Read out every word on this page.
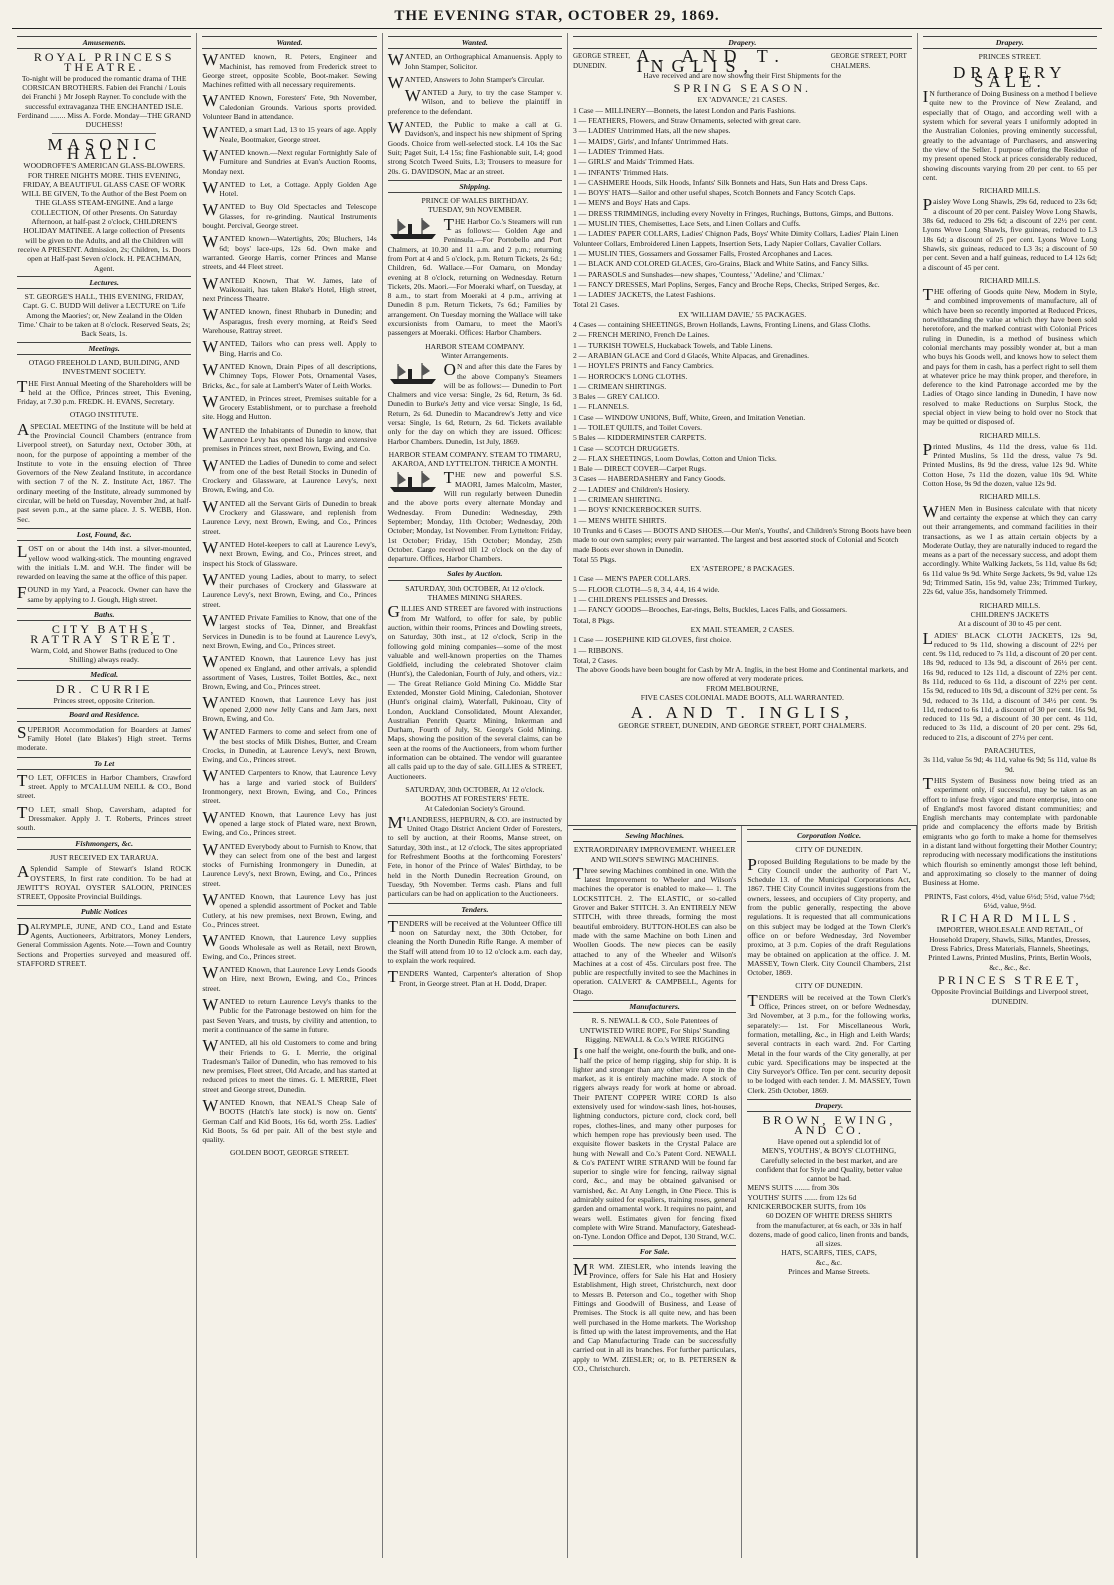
THE EVENING STAR, OCTOBER 29, 1869.
Amusements.
ROYAL PRINCESS THEATRE.
To-night will be produced the romantic drama of THE CORSICAN BROTHERS. Fabien dei Franchi / Louis dei Franchi } Mr Joseph Rayner. To conclude with the successful extravaganza THE ENCHANTED ISLE. Ferdinand ........ Miss A. Forde. Monday—THE GRAND DUCHESS!
MASONIC HALL.
WOODROFFE'S AMERICAN GLASS-BLOWERS. FOR THREE NIGHTS MORE. THIS EVENING, FRIDAY, A BEAUTIFUL GLASS CASE OF WORK WILL BE GIVEN, To the Author of the Best Poem on THE GLASS STEAM-ENGINE. And a large COLLECTION, Of other Presents. On Saturday Afternoon, at half-past 2 o'clock, CHILDREN'S HOLIDAY MATINEE. A large collection of Presents will be given to the Adults, and all the Children will receive A PRESENT. Admission, 2s; Children, 1s. Doors open at Half-past Seven o'clock. H. PEACHMAN, Agent.
Lectures.
ST. GEORGE'S HALL, THIS EVENING, FRIDAY, Capt. G. C. BUDD Will deliver a LECTURE on 'Life Among the Maories'; or, New Zealand in the Olden Time.' Chair to be taken at 8 o'clock. Reserved Seats, 2s; Back Seats, 1s.
Meetings.
OTAGO FREEHOLD LAND, BUILDING, AND INVESTMENT SOCIETY.
THE First Annual Meeting of the Shareholders will be held at the Office, Princes street, This Evening, Friday, at 7.30 p.m. FREDK. H. EVANS, Secretary.
OTAGO INSTITUTE.
ASPECIAL MEETING of the Institute will be held at the Provincial Council Chambers (entrance from Liverpool street), on Saturday next, October 30th, at noon, for the purpose of appointing a member of the Institute to vote in the ensuing election of Three Governors of the New Zealand Institute, in accordance with section 7 of the N. Z. Institute Act, 1867. The ordinary meeting of the Institute, already summoned by circular, will be held on Tuesday, November 2nd, at half-past seven p.m., at the same place. J. S. WEBB, Hon. Sec.
Lost, Found, &c.
LOST on or about the 14th inst. a silver-mounted, yellow wood walking-stick. The mounting engraved with the initials L.M. and W.H. The finder will be rewarded on leaving the same at the office of this paper.
FOUND in my Yard, a Peacock. Owner can have the same by applying to J. Gough, High street.
Baths.
CITY BATHS, RATTRAY STREET.
Warm, Cold, and Shower Baths (reduced to One Shilling) always ready.
Medical.
DR. CURRIE
Princes street, opposite Criterion.
Board and Residence.
SUPERIOR Accommodation for Boarders at James' Family Hotel (late Blakes') High street. Terms moderate.
To Let
TO LET, OFFICES in Harbor Chambers, Crawford street. Apply to M'CALLUM NEILL & CO., Bond street.
TO LET, small Shop, Caversham, adapted for Dressmaker. Apply J. T. Roberts, Princes street south.
Fishmongers, &c.
JUST RECEIVED EX TARARUA.
ASplendid Sample of Stewart's Island ROCK OYSTERS, In first rate condition. To be had at JEWITT'S ROYAL OYSTER SALOON, PRINCES STREET, Opposite Provincial Buildings.
Public Notices
DALRYMPLE, JUNE, AND CO., Land and Estate Agents, Auctioneers, Arbitrators, Money Lenders, General Commission Agents. Note.—Town and Country Sections and Properties surveyed and measured off. STAFFORD STREET.
Wanted.
WANTED known, R. Peters, Engineer and Machinist, has removed from Frederick street to George street, opposite Scoble, Boot-maker. Sewing Machines refitted with all necessary requirements.
WANTED Known, Foresters' Fete, 9th November, Caledonian Grounds. Various sports provided. Volunteer Band in attendance.
WANTED, a smart Lad, 13 to 15 years of age. Apply Neale, Bootmaker, George street.
WANTED known.—Next regular Fortnightly Sale of Furniture and Sundries at Evan's Auction Rooms, Monday next.
WANTED to Let, a Cottage. Apply Golden Age Hotel.
WANTED to Buy Old Spectacles and Telescope Glasses, for re-grinding. Nautical Instruments bought. Percival, George street.
WANTED known—Watertights, 20s; Bluchers, 14s 6d; boys' lace-ups, 12s 6d. Own make and warranted. George Harris, corner Princes and Manse streets, and 44 Fleet street.
WANTED Known, That W. James, late of Waikouaiti, has taken Blake's Hotel, High street, next Princess Theatre.
WANTED known, finest Rhubarb in Dunedin; and Asparagus, fresh every morning, at Reid's Seed Warehouse, Rattray street.
WANTED, Tailors who can press well. Apply to Bing, Harris and Co.
WANTED Known, Drain Pipes of all descriptions, Chimney Tops, Flower Pots, Ornamental Vases, Bricks, &c., for sale at Lambert's Water of Leith Works.
WANTED, in Princes street, Premises suitable for a Grocery Establishment, or to purchase a freehold site. Hogg and Hutton.
WANTED the Inhabitants of Dunedin to know, that Laurence Levy has opened his large and extensive premises in Princes street, next Brown, Ewing, and Co.
WANTED the Ladies of Dunedin to come and select from one of the best Retail Stocks in Dunedin of Crockery and Glassware, at Laurence Levy's, next Brown, Ewing, and Co.
WANTED all the Servant Girls of Dunedin to break Crockery and Glassware, and replenish from Laurence Levy, next Brown, Ewing, and Co., Princes street.
WANTED Hotel-keepers to call at Laurence Levy's, next Brown, Ewing, and Co., Princes street, and inspect his Stock of Glassware.
WANTED young Ladies, about to marry, to select their purchases of Crockery and Glassware at Laurence Levy's, next Brown, Ewing, and Co., Princes street.
WANTED Private Families to Know, that one of the largest stocks of Tea, Dinner, and Breakfast Services in Dunedin is to be found at Laurence Levy's, next Brown, Ewing, and Co., Princes street.
WANTED Known, that Laurence Levy has just opened ex England, and other arrivals, a splendid assortment of Vases, Lustres, Toilet Bottles, &c., next Brown, Ewing, and Co., Princes street.
WANTED Known, that Laurence Levy has just opened 2,000 new Jelly Cans and Jam Jars, next Brown, Ewing, and Co.
WANTED Farmers to come and select from one of the best stocks of Milk Dishes, Butter, and Cream Crocks, in Dunedin, at Laurence Levy's, next Brown, Ewing, and Co., Princes street.
WANTED Carpenters to Know, that Laurence Levy has a large and varied stock of Builders' Ironmongery, next Brown, Ewing, and Co., Princes street.
WANTED Known, that Laurence Levy has just opened a large stock of Plated ware, next Brown, Ewing, and Co., Princes street.
WANTED Everybody about to Furnish to Know, that they can select from one of the best and largest stocks of Furnishing Ironmongery in Dunedin, at Laurence Levy's, next Brown, Ewing, and Co., Princes street.
WANTED Known, that Laurence Levy has just opened a splendid assortment of Pocket and Table Cutlery, at his new premises, next Brown, Ewing, and Co., Princes street.
WANTED Known, that Laurence Levy supplies Goods Wholesale as well as Retail, next Brown, Ewing, and Co., Princes street.
WANTED Known, that Laurence Levy Lends Goods on Hire, next Brown, Ewing, and Co., Princes street.
WANTED to return Laurence Levy's thanks to the Public for the Patronage bestowed on him for the past Seven Years, and trusts, by civility and attention, to merit a continuance of the same in future.
WANTED, all his old Customers to come and bring their Friends to G. I. Merrie, the original Tradesman's Tailor of Dunedin, who has removed to his new premises, Fleet street, Old Arcade, and has started at reduced prices to meet the times. G. I. MERRIE, Fleet street and George street, Dunedin.
WANTED Known, that NEAL'S Cheap Sale of BOOTS (Hatch's late stock) is now on. Gents' German Calf and Kid Boots, 16s 6d, worth 25s. Ladies' Kid Boots, 5s 6d per pair. All of the best style and quality.
GOLDEN BOOT, GEORGE STREET.
Wanted.
WANTED, an Orthographical Amanuensis. Apply to John Stamper, Solicitor.
WANTED, Answers to John Stamper's Circular.
WANTED a Jury, to try the case Stamper v. Wilson, and to believe the plaintiff in preference to the defendant.
WANTED, the Public to make a call at G. Davidson's, and inspect his new shipment of Spring Goods. Choice from well-selected stock. L4 10s the Sac Suit; Paget Suit, L4 15s; fine Fashionable suit, L4; good strong Scotch Tweed Suits, L3; Trousers to measure for 20s. G. DAVIDSON, Mac ar an street.
Shipping.
PRINCE OF WALES BIRTHDAY.
TUESDAY, 9th NOVEMBER.
THE Harbor Co.'s Steamers will run as follows:— Golden Age and Peninsula.—For Portobello and Port Chalmers, at 10.30 and 11 a.m. and 2 p.m.; returning from Port at 4 and 5 o'clock, p.m. Return Tickets, 2s 6d.; Children, 6d. Wallace.—For Oamaru, on Monday evening at 8 o'clock, returning on Wednesday. Return Tickets, 20s. Maori.—For Moeraki wharf, on Tuesday, at 8 a.m., to start from Moeraki at 4 p.m., arriving at Dunedin 8 p.m. Return Tickets, 7s 6d.; Families by arrangement. On Tuesday morning the Wallace will take excursionists from Oamaru, to meet the Maori's passengers at Moeraki. Offices: Harbor Chambers.
HARBOR STEAM COMPANY.
Winter Arrangements.
ON and after this date the Fares by the above Company's Steamers will be as follows:— Dunedin to Port Chalmers and vice versa: Single, 2s 6d, Return, 3s 6d. Dunedin to Burke's Jetty and vice versa: Single, 1s 6d, Return, 2s 6d. Dunedin to Macandrew's Jetty and vice versa: Single, 1s 6d, Return, 2s 6d. Tickets available only for the day on which they are issued. Offices: Harbor Chambers. Dunedin, 1st July, 1869.
HARBOR STEAM COMPANY. STEAM TO TIMARU, AKAROA, AND LYTTELTON. THRICE A MONTH.
THE new and powerful S.S. MAORI, James Malcolm, Master, Will run regularly between Dunedin and the above ports every alternate Monday and Wednesday. From Dunedin: Wednesday, 29th September; Monday, 11th October; Wednesday, 20th October; Monday, 1st November. From Lyttelton: Friday, 1st October; Friday, 15th October; Monday, 25th October. Cargo received till 12 o'clock on the day of departure. Offices, Harbor Chambers.
Sales by Auction.
SATURDAY, 30th OCTOBER, At 12 o'clock.
THAMES MINING SHARES.
GILLIES AND STREET are favored with instructions from Mr Walford, to offer for sale, by public auction, within their rooms, Princes and Dowling streets, on Saturday, 30th inst., at 12 o'clock, Scrip in the following gold mining companies—some of the most valuable and well-known properties on the Thames Goldfield, including the celebrated Shotover claim (Hunt's), the Caledonian, Fourth of July, and others, viz.:— The Great Reliance Gold Mining Co. Middle Star Extended, Monster Gold Mining, Caledonian, Shotover (Hunt's original claim), Waterfall, Pukinoau, City of London, Auckland Consolidated, Mount Alexander, Australian Penrith Quartz Mining, Inkerman and Durham, Fourth of July, St. George's Gold Mining. Maps, showing the position of the several claims, can be seen at the rooms of the Auctioneers, from whom further information can be obtained. The vendor will guarantee all calls paid up to the day of sale. GILLIES & STREET, Auctioneers.
SATURDAY, 30th OCTOBER, At 12 o'clock.
BOOTHS AT FORESTERS' FETE.
At Caledonian Society's Ground.
M'LANDRESS, HEPBURN, & CO. are instructed by United Otago District Ancient Order of Foresters, to sell by auction, at their Rooms, Manse street, on Saturday, 30th inst., at 12 o'clock, The sites appropriated for Refreshment Booths at the forthcoming Foresters' Fete, in honor of the Prince of Wales' Birthday, to be held in the North Dunedin Recreation Ground, on Tuesday, 9th November. Terms cash. Plans and full particulars can be had on application to the Auctioneers.
Tenders.
TENDERS will be received at the Volunteer Office till noon on Saturday next, the 30th October, for cleaning the North Dunedin Rifle Range. A member of the Staff will attend from 10 to 12 o'clock a.m. each day, to explain the work required.
TENDERS Wanted, Carpenter's alteration of Shop Front, in George street. Plan at H. Dodd, Draper.
Drapery.
GEORGE STREET, DUNEDIN.	A. AND T. INGLIS,	GEORGE STREET, PORT CHALMERS.
Have received and are now showing their First Shipments for the
SPRING SEASON.
EX 'ADVANCE,' 21 CASES.
1 Case — MILLINERY—Bonnets, the latest London and Paris Fashions.
1 — FEATHERS, Flowers, and Straw Ornaments, selected with great care.
3 — LADIES' Untrimmed Hats, all the new shapes.
1 — MAIDS', Girls', and Infants' Untrimmed Hats.
1 — LADIES' Trimmed Hats.
1 — GIRLS' and Maids' Trimmed Hats.
1 — INFANTS' Trimmed Hats.
1 — CASHMERE Hoods, Silk Hoods, Infants' Silk Bonnets and Hats, Sun Hats and Dress Caps.
1 — BOYS' HATS—Sailor and other useful shapes, Scotch Bonnets and Fancy Scotch Caps.
1 — MEN'S and Boys' Hats and Caps.
1 — DRESS TRIMMINGS, including every Novelty in Fringes, Ruchings, Buttons, Gimps, and Buttons.
1 — MUSLIN TIES, Chemisettes, Lace Sets, and Linen Collars and Cuffs.
1 — LADIES' PAPER COLLARS, Ladies' Chignon Pads, Boys' White Dimity Collars, Ladies' Plain Linen Volunteer Collars, Embroidered Linen Lappets, Insertion Sets, Lady Napier Collars, Cavalier Collars.
1 — MUSLIN TIES, Gossamers and Gossamer Falls, Frosted Arcophanes and Laces.
1 — BLACK AND COLORED GLACES, Gro-Grains, Black and White Satins, and Fancy Silks.
1 — PARASOLS and Sunshades—new shapes, 'Countess,' 'Adeline,' and 'Climax.'
1 — FANCY DRESSES, Marl Poplins, Serges, Fancy and Broche Reps, Checks, Striped Serges, &c.
1 — LADIES' JACKETS, the Latest Fashions.
Total 21 Cases.
EX 'WILLIAM DAVIE,' 55 PACKAGES.
4 Cases — containing SHEETINGS, Brown Hollands, Lawns, Fronting Linens, and Glass Cloths.
2 — FRENCH MERINO, French De Laines.
1 — TURKISH TOWELS, Huckaback Towels, and Table Linens.
2 — ARABIAN GLACE and Cord d Glacés, White Alpacas, and Grenadines.
1 — HOYLE'S PRINTS and Fancy Cambrics.
1 — HORROCK'S LONG CLOTHS.
1 — CRIMEAN SHIRTINGS.
3 Bales — GREY CALICO.
1 — FLANNELS.
1 Case — WINDOW UNIONS, Buff, White, Green, and Imitation Venetian.
1 — TOILET QUILTS, and Toilet Covers.
5 Bales — KIDDERMINSTER CARPETS.
1 Case — SCOTCH DRUGGETS.
2 — FLAX SHEETINGS, Loom Dowlas, Cotton and Union Ticks.
1 Bale — DIRECT COVER—Carpet Rugs.
3 Cases — HABERDASHERY and Fancy Goods.
2 — LADIES' and Children's Hosiery.
1 — CRIMEAN SHIRTING.
1 — BOYS' KNICKERBOCKER SUITS.
1 — MEN'S WHITE SHIRTS.
10 Trunks and 6 Cases — BOOTS AND SHOES.—Our Men's, Youths', and Children's Strong Boots have been made to our own samples; every pair warranted. The largest and best assorted stock of Colonial and Scotch made Boots ever shown in Dunedin.
Total 55 Pkgs.
EX 'ASTEROPE,' 8 PACKAGES.
1 Case — MEN'S PAPER COLLARS.
5 — FLOOR CLOTH—5 8, 3 4, 4 4, 16 4 wide.
1 — CHILDREN'S PELISSES and Dresses.
1 — FANCY GOODS—Brooches, Ear-rings, Belts, Buckles, Laces Falls, and Gossamers.
Total, 8 Pkgs.
EX MAIL STEAMER, 2 CASES.
1 Case — JOSEPHINE KID GLOVES, first choice.
1 — RIBBONS.
Total, 2 Cases.
The above Goods have been bought for Cash by Mr A. Inglis, in the best Home and Continental markets, and are now offered at very moderate prices.
FROM MELBOURNE,
FIVE CASES COLONIAL MADE BOOTS, ALL WARRANTED.
A. AND T. INGLIS,
GEORGE STREET, DUNEDIN, AND GEORGE STREET, PORT CHALMERS.
Sewing Machines.
EXTRAORDINARY IMPROVEMENT. WHEELER AND WILSON'S SEWING MACHINES.
Three sewing Machines combined in one. With the latest Improvement to Wheeler and Wilson's machines the operator is enabled to make— 1. The LOCKSTITCH. 2. The ELASTIC, or so-called Grover and Baker STITCH. 3. An ENTIRELY NEW STITCH, with three threads, forming the most beautiful embroidery. BUTTON-HOLES can also be made with the same Machine on both Linen and Woollen Goods. The new pieces can be easily attached to any of the Wheeler and Wilson's Machines at a cost of 45s. Circulars post free. The public are respectfully invited to see the Machines in operation. CALVERT & CAMPBELL, Agents for Otago.
Manufacturers.
R. S. NEWALL & CO., Sole Patentees of UNTWISTED WIRE ROPE, For Ships' Standing Rigging. NEWALL & Co.'s WIRE RIGGING
Is one half the weight, one-fourth the bulk, and one-half the price of hemp rigging, ship for ship. It is lighter and stronger than any other wire rope in the market, as it is entirely machine made. A stock of riggers always ready for work at home or abroad. Their PATENT COPPER WIRE CORD Is also extensively used for window-sash lines, hot-houses, lightning conductors, picture cord, clock cord, bell ropes, clothes-lines, and many other purposes for which hempen rope has previously been used. The exquisite flower baskets in the Crystal Palace are hung with Newall and Co.'s Patent Cord. NEWALL & Co's PATENT WIRE STRAND Will be found far superior to single wire for fencing, railway signal cord, &c., and may be obtained galvanised or varnished, &c. At Any Length, in One Piece. This is admirably suited for espaliers, training roses, general garden and ornamental work. It requires no paint, and wears well. Estimates given for fencing fixed complete with Wire Strand. Manufactory, Gateshead-on-Tyne. London Office and Depot, 130 Strand, W.C.
For Sale.
MR WM. ZIESLER, who intends leaving the Province, offers for Sale his Hat and Hosiery Establishment, High street, Christchurch, next door to Messrs B. Peterson and Co., together with Shop Fittings and Goodwill of Business, and Lease of Premises. The Stock is all quite new, and has been well purchased in the Home markets. The Workshop is fitted up with the latest improvements, and the Hat and Cap Manufacturing Trade can be successfully carried out in all its branches. For further particulars, apply to WM. ZIESLER; or, to B. PETERSEN & CO., Christchurch.
Corporation Notice.
CITY OF DUNEDIN.
Proposed Building Regulations to be made by the City Council under the authority of Part V., Schedule 13. of the Municipal Corporations Act, 1867. THE City Council invites suggestions from the owners, lessees, and occupiers of City property, and from the public generally, respecting the above regulations. It is requested that all communications on this subject may be lodged at the Town Clerk's office on or before Wednesday, 3rd November proximo, at 3 p.m. Copies of the draft Regulations may be obtained on application at the office. J. M. MASSEY, Town Clerk. City Council Chambers, 21st October, 1869.
CITY OF DUNEDIN.
TENDERS will be received at the Town Clerk's Office, Princes street, on or before Wednesday, 3rd November, at 3 p.m., for the following works, separately:— 1st. For Miscellaneous Work, formation, metalling, &c., in High and Leith Wards; several contracts in each ward. 2nd. For Carting Metal in the four wards of the City generally, at per cubic yard. Specifications may be inspected at the City Surveyor's Office. Ten per cent. security deposit to be lodged with each tender. J. M. MASSEY, Town Clerk. 25th October, 1869.
Drapery.
BROWN, EWING, AND CO.
Have opened out a splendid lot of
MEN'S, YOUTHS', & BOYS' CLOTHING,
Carefully selected in the best market, and are confident that for Style and Quality, better value cannot be had.
MEN'S SUITS ........ from 30s
YOUTHS' SUITS ....... from 12s 6d
KNICKERBOCKER SUITS, from 10s
60 DOZEN OF WHITE DRESS SHIRTS
from the manufacturer, at 6s each, or 33s in half dozens, made of good calico, linen fronts and bands, all sizes.
HATS, SCARFS, TIES, CAPS,
&c., &c.
Princes and Manse Streets.
Drapery.
PRINCES STREET.
DRAPERY SALE.
IN furtherance of Doing Business on a method I believe quite new to the Province of New Zealand, and especially that of Otago, and according well with a system which for several years I uniformly adopted in the Australian Colonies, proving eminently successful, greatly to the advantage of Purchasers, and answering the view of the Seller. I purpose offering the Residue of my present opened Stock at prices considerably reduced, showing discounts varying from 20 per cent. to 65 per cent.
RICHARD MILLS.
Paisley Wove Long Shawls, 29s 6d, reduced to 23s 6d; a discount of 20 per cent. Paisley Wove Long Shawls, 38s 6d, reduced to 29s 6d; a discount of 22½ per cent. Lyons Wove Long Shawls, five guineas, reduced to L3 18s 6d; a discount of 25 per cent. Lyons Wove Long Shawls, six guineas, reduced to L3 3s; a discount of 50 per cent. Seven and a half guineas, reduced to L4 12s 6d; a discount of 45 per cent.
RICHARD MILLS.
THE offering of Goods quite New, Modern in Style, and combined improvements of manufacture, all of which have been so recently imported at Reduced Prices, notwithstanding the value at which they have been sold heretofore, and the marked contrast with Colonial Prices ruling in Dunedin, is a method of business which colonial merchants may possibly wonder at, but a man who buys his Goods well, and knows how to select them and pays for them in cash, has a perfect right to sell them at whatever price he may think proper, and therefore, in deference to the kind Patronage accorded me by the Ladies of Otago since landing in Dunedin, I have now resolved to make Reductions on Surplus Stock, the special object in view being to hold over no Stock that may be quitted or disposed of.
RICHARD MILLS.
Printed Muslins, 4s 11d the dress, value 6s 11d. Printed Muslins, 5s 11d the dress, value 7s 9d. Printed Muslins, 8s 9d the dress, value 12s 9d. White Cotton Hose, 7s 11d the dozen, value 10s 9d. White Cotton Hose, 9s 9d the dozen, value 12s 9d.
RICHARD MILLS.
WHEN Men in Business calculate with that nicety and certainty the expense at which they can carry out their arrangements, and command facilities in their transactions, as we I as attain certain objects by a Moderate Outlay, they are naturally induced to regard the means as a part of the necessary success, and adopt them accordingly. White Walking Jackets, 5s 11d, value 8s 6d; 6s 11d value 9s 9d. White Serge Jackets, 9s 9d, value 12s 9d; Trimmed Satin, 15s 9d, value 23s; Trimmed Turkey, 22s 6d, value 35s, handsomely Trimmed.
RICHARD MILLS.
CHILDREN'S JACKETS
At a discount of 30 to 45 per cent.
LADIES' BLACK CLOTH JACKETS, 12s 9d, reduced to 9s 11d, showing a discount of 22½ per cent. 9s 11d, reduced to 7s 11d, a discount of 20 per cent. 18s 9d, reduced to 13s 9d, a discount of 26½ per cent. 16s 9d, reduced to 12s 11d, a discount of 22½ per cent. 8s 11d, reduced to 6s 11d, a discount of 22½ per cent. 15s 9d, reduced to 10s 9d, a discount of 32½ per cent. 5s 9d, reduced to 3s 11d, a discount of 34½ per cent. 9s 11d, reduced to 6s 11d, a discount of 30 per cent. 16s 9d, reduced to 11s 9d, a discount of 30 per cent. 4s 11d, reduced to 3s 11d, a discount of 20 per cent. 29s 6d, reduced to 21s, a discount of 27½ per cent.
PARACHUTES,
3s 11d, value 5s 9d; 4s 11d, value 6s 9d; 5s 11d, value 8s 9d.
THIS System of Business now being tried as an experiment only, if successful, may be taken as an effort to infuse fresh vigor and more enterprise, into one of England's most favored distant communities; and English merchants may contemplate with pardonable pride and complacency the efforts made by British emigrants who go forth to make a home for themselves in a distant land without forgetting their Mother Country; reproducing with necessary modifications the institutions which flourish so eminently amongst those left behind, and approximating so closely to the manner of doing Business at Home.
PRINTS, Fast colors, 4½d, value 6½d; 5½d, value 7½d; 6½d, value, 9½d.
RICHARD MILLS.
IMPORTER, WHOLESALE AND RETAIL, Of Household Drapery, Shawls, Silks, Mantles, Dresses, Dress Fabrics, Dress Materials, Flannels, Sheetings, Printed Lawns, Printed Muslins, Prints, Berlin Wools, &c., &c., &c.
PRINCES STREET,
Opposite Provincial Buildings and Liverpool street, DUNEDIN.
